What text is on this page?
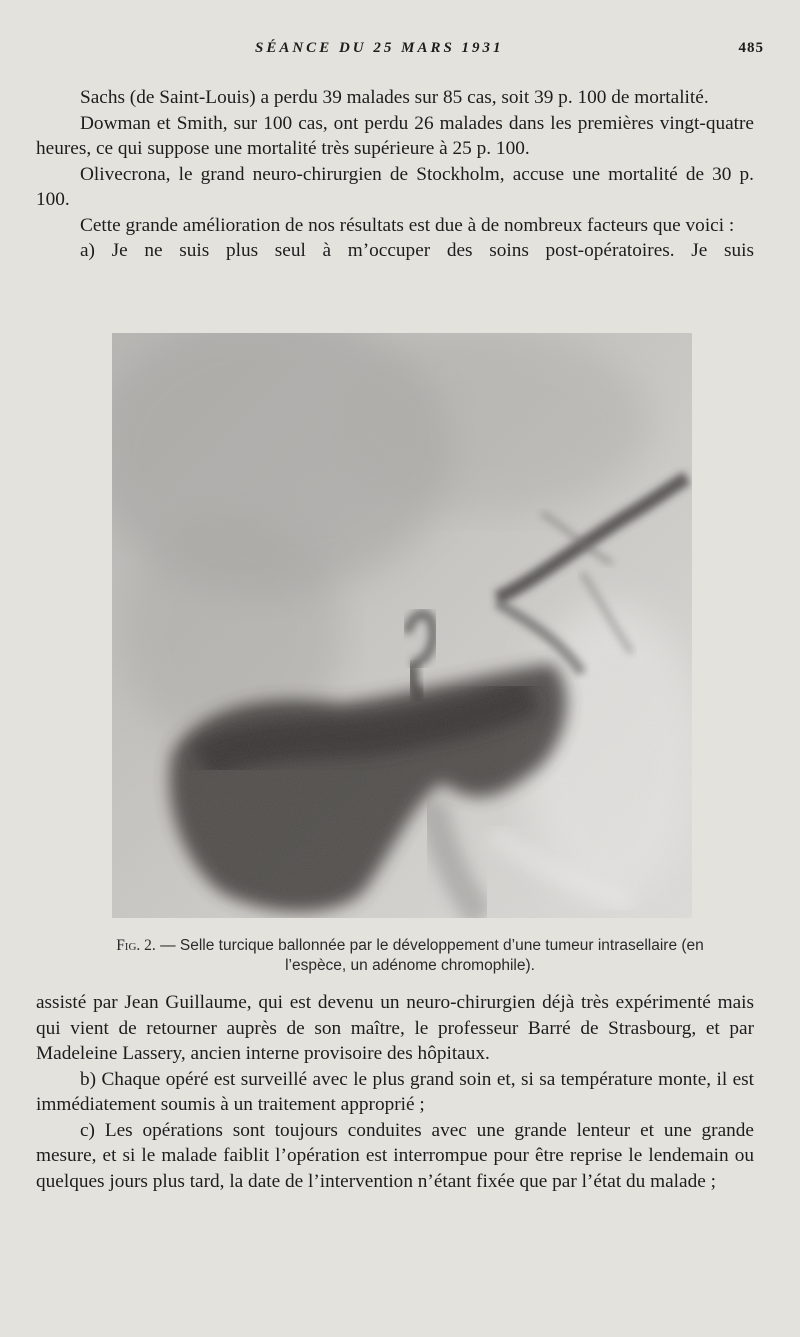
SÉANCE DU 25 MARS 1931	485

Sachs (de Saint-Louis) a perdu 39 malades sur 85 cas, soit 39 p. 100 de mortalité.

Dowman et Smith, sur 100 cas, ont perdu 26 malades dans les premières vingt-quatre heures, ce qui suppose une mortalité très supérieure à 25 p. 100.

Olivecrona, le grand neuro-chirurgien de Stockholm, accuse une mortalité de 30 p. 100.

Cette grande amélioration de nos résultats est due à de nombreux facteurs que voici :

a) Je ne suis plus seul à m’occuper des soins post-opératoires. Je suis

Fig. 2. — Selle turcique ballonnée par le développement d’une tumeur intrasellaire (en l’espèce, un adénome chromophile).

assisté par Jean Guillaume, qui est devenu un neuro-chirurgien déjà très expérimenté mais qui vient de retourner auprès de son maître, le professeur Barré de Strasbourg, et par Madeleine Lassery, ancien interne provisoire des hôpitaux.

b) Chaque opéré est surveillé avec le plus grand soin et, si sa température monte, il est immédiatement soumis à un traitement approprié ;

c) Les opérations sont toujours conduites avec une grande lenteur et une grande mesure, et si le malade faiblit l’opération est interrompue pour être reprise le lendemain ou quelques jours plus tard, la date de l’intervention n’étant fixée que par l’état du malade ;
